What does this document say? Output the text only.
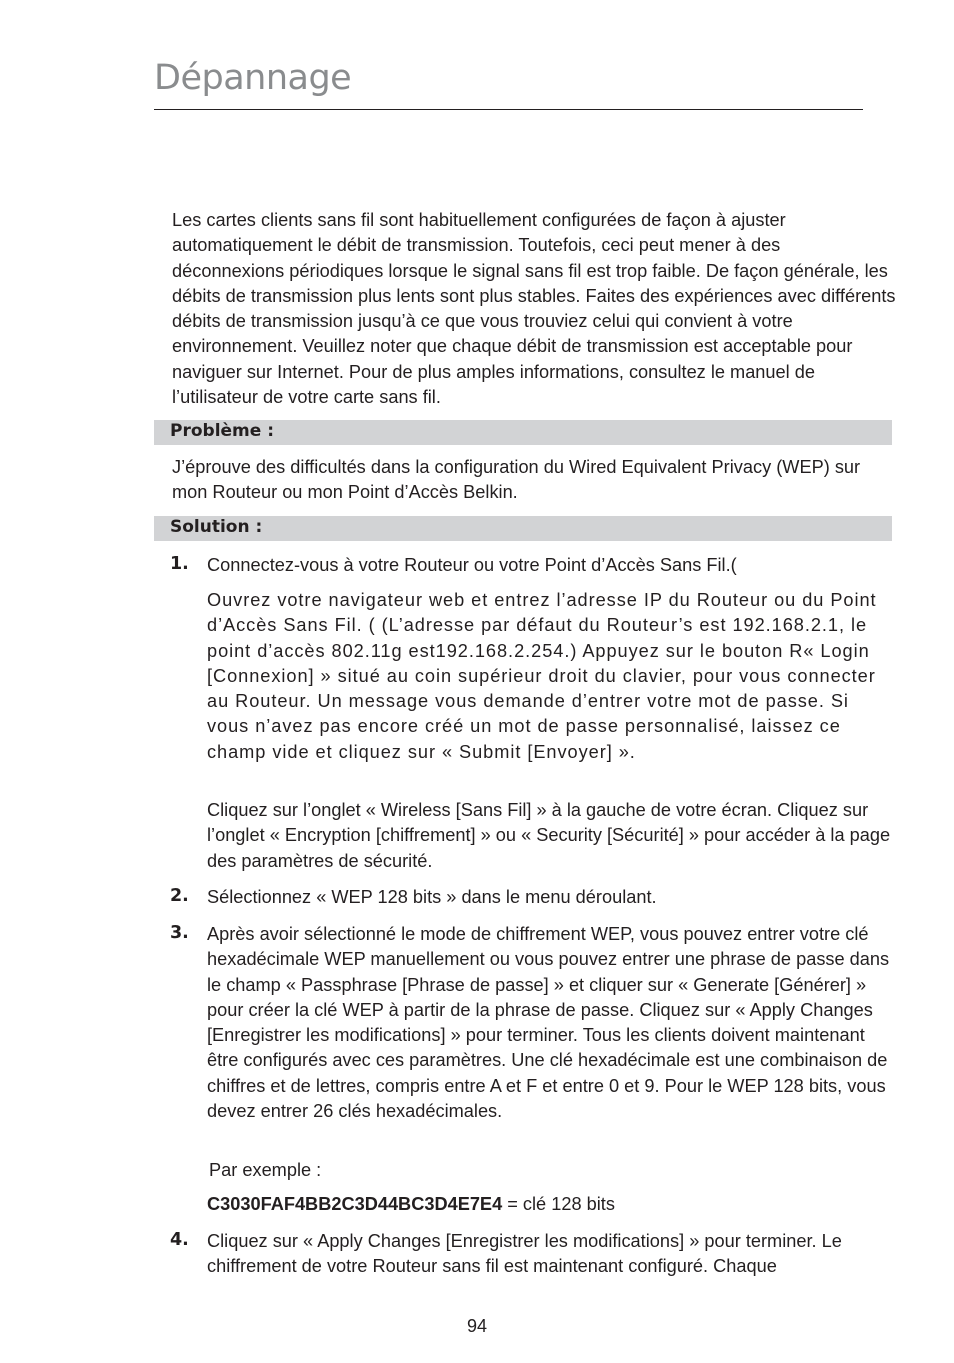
Dépannage

Les cartes clients sans fil sont habituellement configurées de façon à ajuster automatiquement le débit de transmission. Toutefois, ceci peut mener à des déconnexions périodiques lorsque le signal sans fil est trop faible. De façon générale, les débits de transmission plus lents sont plus stables. Faites des expériences avec différents débits de transmission jusqu’à ce que vous trouviez celui qui convient à votre environnement. Veuillez noter que chaque débit de transmission est acceptable pour naviguer sur Internet. Pour de plus amples informations, consultez le manuel de l’utilisateur de votre carte sans fil.

Problème :

J’éprouve des difficultés dans la configuration du Wired Equivalent Privacy (WEP) sur mon Routeur ou mon Point d’Accès Belkin.

Solution :
1. Connectez-vous à votre Routeur ou votre Point d’Accès Sans Fil.(

Ouvrez votre navigateur web et entrez l’adresse IP du Routeur ou du Point d’Accès Sans Fil. ( (L’adresse par défaut du Routeur’s est 192.168.2.1, le point d’accès 802.11g est192.168.2.254.) Appuyez sur le bouton R« Login [Connexion] » situé au coin supérieur droit du clavier, pour vous connecter au Routeur. Un message vous demande d’entrer votre mot de passe. Si vous n’avez pas encore créé un mot de passe personnalisé, laissez ce champ vide et cliquez sur « Submit [Envoyer] ».

Cliquez sur l’onglet « Wireless [Sans Fil] » à la gauche de votre écran. Cliquez sur l’onglet « Encryption [chiffrement] » ou « Security [Sécurité] » pour accéder à la page des paramètres de sécurité.

2. Sélectionnez « WEP 128 bits » dans le menu déroulant.

3. Après avoir sélectionné le mode de chiffrement WEP, vous pouvez entrer votre clé hexadécimale WEP manuellement ou vous pouvez entrer une phrase de passe dans le champ « Passphrase [Phrase de passe] » et cliquer sur « Generate [Générer] » pour créer la clé WEP à partir de la phrase de passe. Cliquez sur « Apply Changes [Enregistrer les modifications] » pour terminer. Tous les clients doivent maintenant être configurés avec ces paramètres. Une clé hexadécimale est une combinaison de chiffres et de lettres, compris entre A et F et entre 0 et 9. Pour le WEP 128 bits, vous devez entrer 26 clés hexadécimales.

Par exemple :

C3030FAF4BB2C3D44BC3D4E7E4 = clé 128 bits

4. Cliquez sur « Apply Changes [Enregistrer les modifications] » pour terminer. Le chiffrement de votre Routeur sans fil est maintenant configuré. Chaque

94
